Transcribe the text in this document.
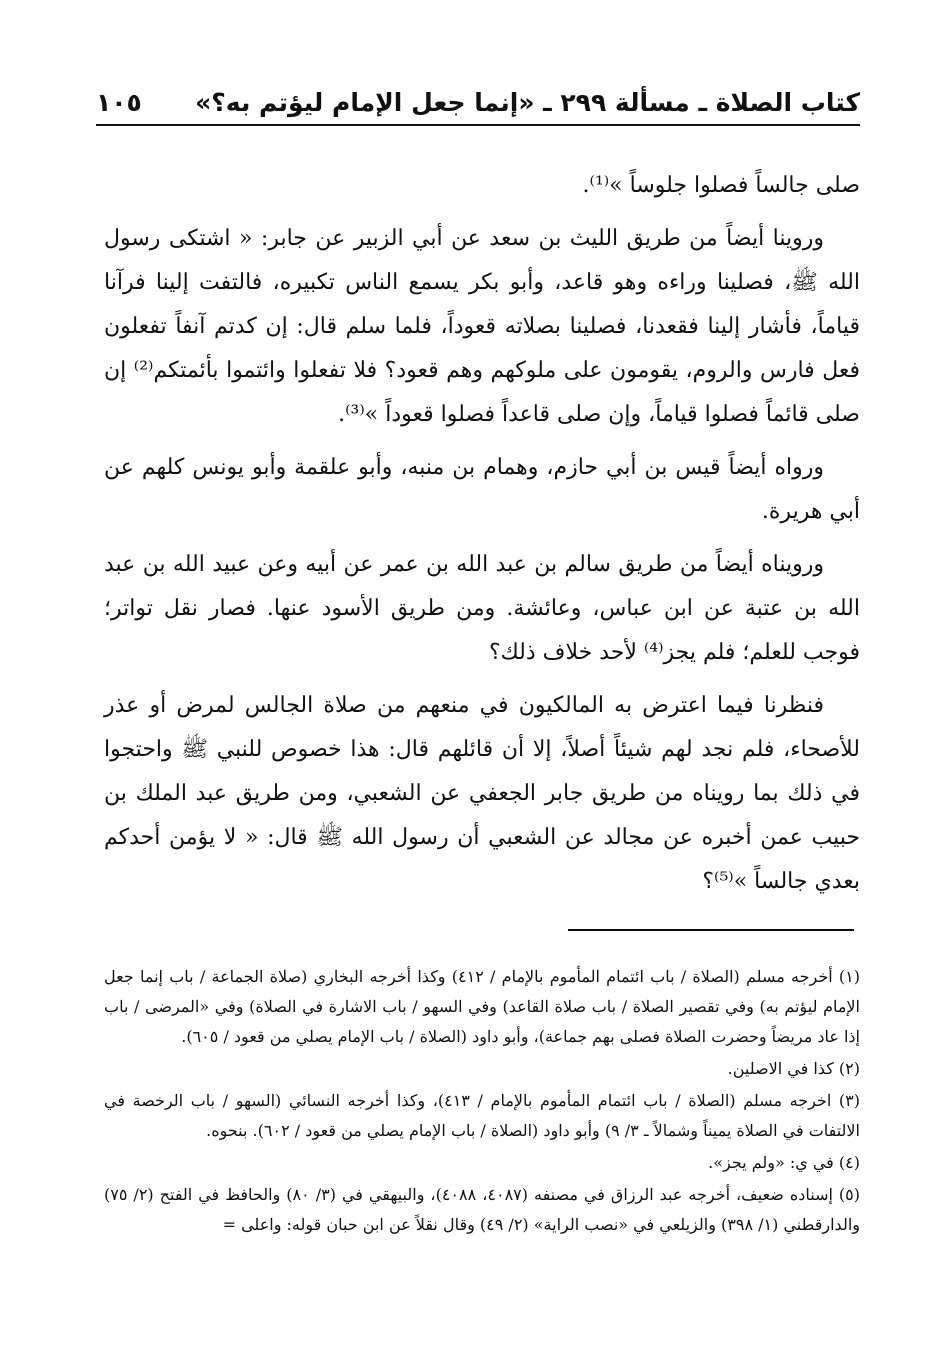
كتاب الصلاة ـ مسألة ٢٩٩ ـ «إنما جعل الإمام ليؤتم به؟»
١٠٥

صلى جالساً فصلوا جلوساً »⁽¹⁾.

وروينا أيضاً من طريق الليث بن سعد عن أبي الزبير عن جابر: « اشتكى رسول الله ﷺ، فصلينا وراءه وهو قاعد، وأبو بكر يسمع الناس تكبيره، فالتفت إلينا فرآنا قياماً، فأشار إلينا فقعدنا، فصلينا بصلاته قعوداً، فلما سلم قال: إن كدتم آنفاً تفعلون فعل فارس والروم، يقومون على ملوكهم وهم قعود؟ فلا تفعلوا وائتموا بأئمتكم⁽²⁾ إن صلى قائماً فصلوا قياماً، وإن صلى قاعداً فصلوا قعوداً »⁽³⁾.

ورواه أيضاً قيس بن أبي حازم، وهمام بن منبه، وأبو علقمة وأبو يونس كلهم عن أبي هريرة.

ورويناه أيضاً من طريق سالم بن عبد الله بن عمر عن أبيه وعن عبيد الله بن عبد الله بن عتبة عن ابن عباس، وعائشة. ومن طريق الأسود عنها. فصار نقل تواتر؛ فوجب للعلم؛ فلم يجز⁽⁴⁾ لأحد خلاف ذلك؟

فنظرنا فيما اعترض به المالكيون في منعهم من صلاة الجالس لمرض أو عذر للأصحاء، فلم نجد لهم شيئاً أصلاً، إلا أن قائلهم قال: هذا خصوص للنبي ﷺ واحتجوا في ذلك بما رويناه من طريق جابر الجعفي عن الشعبي، ومن طريق عبد الملك بن حبيب عمن أخبره عن مجالد عن الشعبي أن رسول الله ﷺ قال: « لا يؤمن أحدكم بعدي جالساً »⁽⁵⁾؟

(١) أخرجه مسلم (الصلاة / باب ائتمام المأموم بالإمام / ٤١٢) وكذا أخرجه البخاري (صلاة الجماعة / باب إنما جعل الإمام ليؤتم به) وفي تقصير الصلاة / باب صلاة القاعد) وفي السهو / باب الاشارة في الصلاة) وفي «المرضى / باب إذا عاد مريضاً وحضرت الصلاة فصلى بهم جماعة)، وأبو داود (الصلاة / باب الإمام يصلي من قعود / ٦٠٥).

(٢) كذا في الاصلين.

(٣) اخرجه مسلم (الصلاة / باب ائتمام المأموم بالإمام / ٤١٣)، وكذا أخرجه النسائي (السهو / باب الرخصة في الالتفات في الصلاة يميناً وشمالاً ـ ٣/ ٩) وأبو داود (الصلاة / باب الإمام يصلي من قعود / ٦٠٢). بنحوه.

(٤) في ي: «ولم يجز».

(٥) إسناده ضعيف، أخرجه عبد الرزاق في مصنفه (٤٠٨٧، ٤٠٨٨)، والبيهقي في (٣/ ٨٠) والحافظ في الفتح (٢/ ٧٥) والدارقطني (١/ ٣٩٨) والزيلعي في «نصب الراية» (٢/ ٤٩) وقال نقلاً عن ابن حبان قوله: واعلى =
